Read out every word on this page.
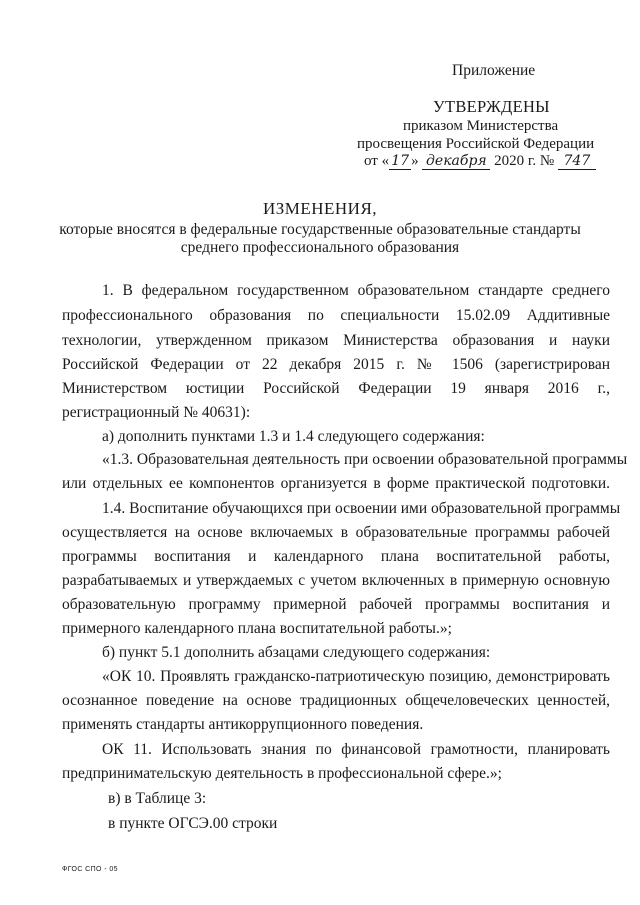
Приложение
УТВЕРЖДЕНЫ
приказом Министерства
просвещения Российской Федерации
от « 17 » декабря 2020 г. № 747
ИЗМЕНЕНИЯ,
которые вносятся в федеральные государственные образовательные стандарты
среднего профессионального образования
1. В федеральном государственном образовательном стандарте среднего
профессионального образования по специальности 15.02.09 Аддитивные
технологии, утвержденном приказом Министерства образования и науки
Российской Федерации от 22 декабря 2015 г. № 1506 (зарегистрирован
Министерством юстиции Российской Федерации 19 января 2016 г.,
регистрационный № 40631):
а) дополнить пунктами 1.3 и 1.4 следующего содержания:
«1.3. Образовательная деятельность при освоении образовательной программы
или отдельных ее компонентов организуется в форме практической подготовки.
1.4. Воспитание обучающихся при освоении ими образовательной программы
осуществляется на основе включаемых в образовательные программы рабочей
программы воспитания и календарного плана воспитательной работы,
разрабатываемых и утверждаемых с учетом включенных в примерную основную
образовательную программу примерной рабочей программы воспитания и
примерного календарного плана воспитательной работы.»;
б) пункт 5.1 дополнить абзацами следующего содержания:
«ОК 10. Проявлять гражданско-патриотическую позицию, демонстрировать
осознанное поведение на основе традиционных общечеловеческих ценностей,
применять стандарты антикоррупционного поведения.
ОК 11. Использовать знания по финансовой грамотности, планировать
предпринимательскую деятельность в профессиональной сфере.»;
в) в Таблице 3:
в пункте ОГСЭ.00 строки
ФГОС СПО - 05
